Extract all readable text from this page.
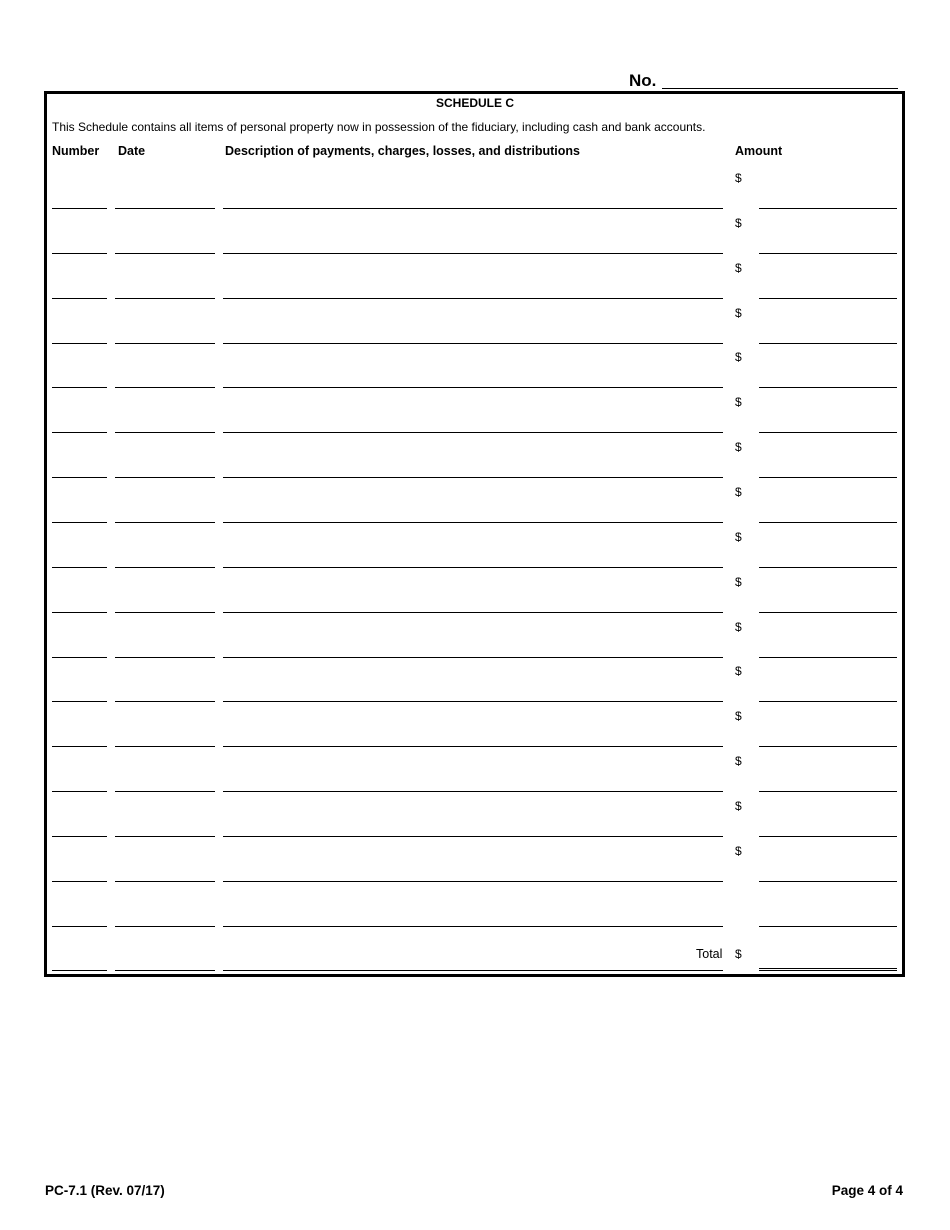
No.
SCHEDULE C
This Schedule contains all items of personal property now in possession of the fiduciary, including cash and bank accounts.
Number Date	Description of payments, charges, losses, and distributions	Amount
$
$
$
$
$
$
$
$
$
$
$
$
$
$
$
$
Total $
PC-7.1 (Rev. 07/17)	Page 4 of 4
